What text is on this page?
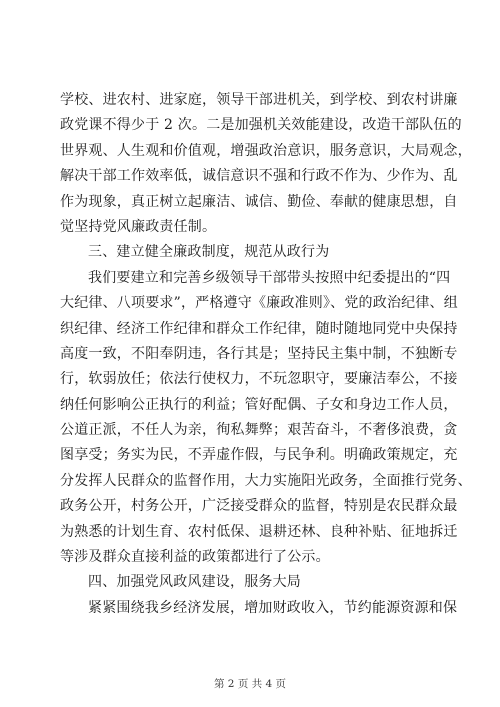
学校、进农村、进家庭，领导干部进机关，到学校、到农村讲廉
政党课不得少于 2 次。二是加强机关效能建设，改造干部队伍的
世界观、人生观和价值观，增强政治意识，服务意识，大局观念，
解决干部工作效率低，诚信意识不强和行政不作为、少作为、乱
作为现象，真正树立起廉洁、诚信、勤俭、奉献的健康思想，自
觉坚持党风廉政责任制。
三、建立健全廉政制度，规范从政行为
我们要建立和完善乡级领导干部带头按照中纪委提出的“四
大纪律、八项要求”，严格遵守《廉政准则》、党的政治纪律、组
织纪律、经济工作纪律和群众工作纪律，随时随地同党中央保持
高度一致，不阳奉阴违，各行其是；坚持民主集中制，不独断专
行，软弱放任；依法行使权力，不玩忽职守，要廉洁奉公，不接
纳任何影响公正执行的利益；管好配偶、子女和身边工作人员，
公道正派，不任人为亲，徇私舞弊；艰苦奋斗，不奢侈浪费，贪
图享受；务实为民，不弄虚作假，与民争利。明确政策规定，充
分发挥人民群众的监督作用，大力实施阳光政务，全面推行党务、
政务公开，村务公开，广泛接受群众的监督，特别是农民群众最
为熟悉的计划生育、农村低保、退耕还林、良种补贴、征地拆迁
等涉及群众直接利益的政策都进行了公示。
四、加强党风政风建设，服务大局
紧紧围绕我乡经济发展，增加财政收入，节约能源资源和保
第 2 页 共 4 页
